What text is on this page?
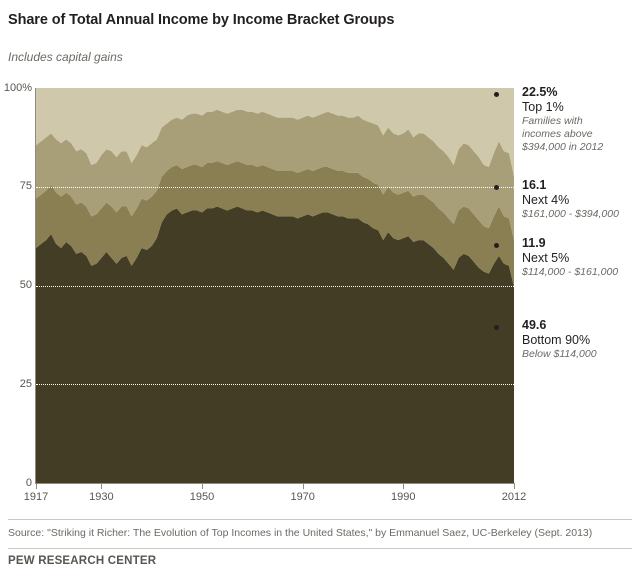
Share of Total Annual Income by Income Bracket Groups
Includes capital gains
100%
75
50
25
0
1917	1930	1950	1970	1990	2012
22.5%
Top 1%
Families with
incomes above
$394,000 in 2012
16.1
Next 4%
$161,000 - $394,000
11.9
Next 5%
$114,000 - $161,000
49.6
Bottom 90%
Below $114,000
Source: "Striking it Richer: The Evolution of Top Incomes in the United States," by Emmanuel Saez, UC-Berkeley (Sept. 2013)
PEW RESEARCH CENTER
